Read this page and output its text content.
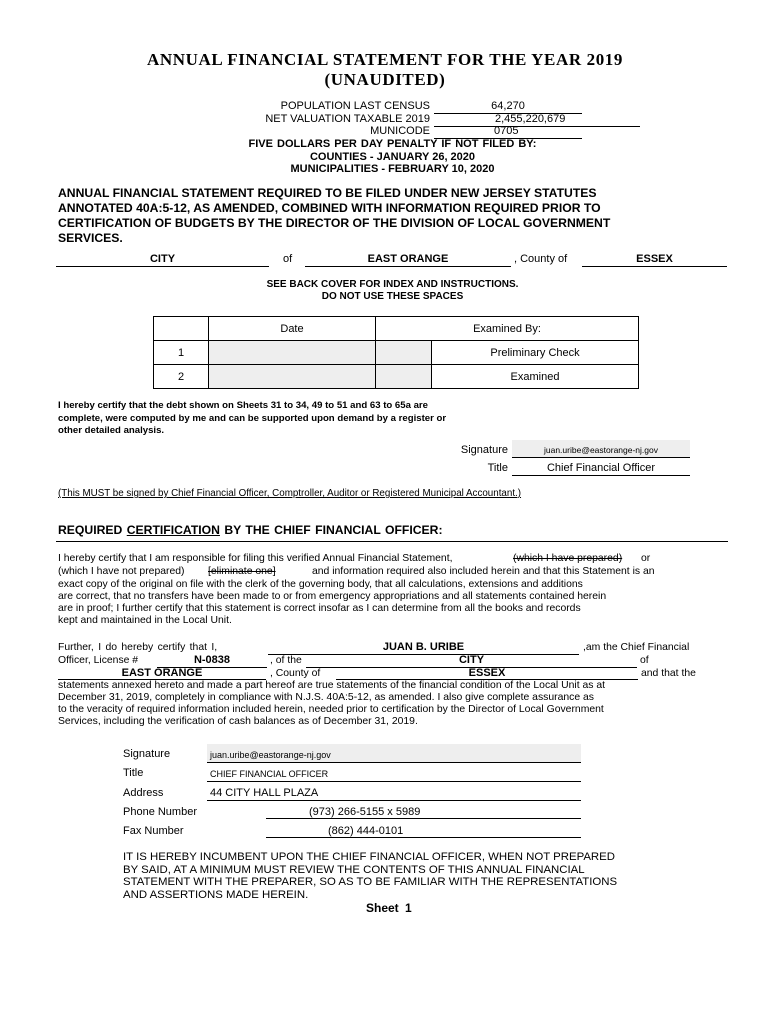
ANNUAL FINANCIAL STATEMENT FOR THE YEAR 2019
(UNAUDITED)
POPULATION LAST CENSUS	64,270
NET VALUATION TAXABLE 2019	2,455,220,679
MUNICODE	0705
FIVE DOLLARS PER DAY PENALTY IF NOT FILED BY:
COUNTIES - JANUARY 26, 2020
MUNICIPALITIES - FEBRUARY 10, 2020
ANNUAL FINANCIAL STATEMENT REQUIRED TO BE FILED UNDER NEW JERSEY STATUTES
ANNOTATED 40A:5-12, AS AMENDED, COMBINED WITH INFORMATION REQUIRED PRIOR TO
CERTIFICATION OF BUDGETS BY THE DIRECTOR OF THE DIVISION OF LOCAL GOVERNMENT
SERVICES.
CITY	of	EAST ORANGE	, County of	ESSEX
SEE BACK COVER FOR INDEX AND INSTRUCTIONS.
DO NOT USE THESE SPACES
	Date	Examined By:	
1			Preliminary Check
2			Examined
I hereby certify that the debt shown on Sheets 31 to 34, 49 to 51 and 63 to 65a are
complete, were computed by me and can be supported upon demand by a register or
other detailed analysis.
Signature	juan.uribe@eastorange-nj.gov
Title	Chief Financial Officer
(This MUST be signed by Chief Financial Officer, Comptroller, Auditor or Registered Municipal Accountant.)
REQUIRED CERTIFICATION BY THE CHIEF FINANCIAL OFFICER:
I hereby certify that I am responsible for filing this verified Annual Financial Statement,	(which I have prepared) or
(which I have not prepared) [eliminate one]	and information required also included herein and that this Statement is an
exact copy of the original on file with the clerk of the governing body, that all calculations, extensions and additions
are correct, that no transfers have been made to or from emergency appropriations and all statements contained herein
are in proof; I further certify that this statement is correct insofar as I can determine from all the books and records
kept and maintained in the Local Unit.
Further, I do hereby certify that I,	JUAN B. URIBE	,am the Chief Financial
Officer, License #	N-0838	, of the	CITY	of
EAST ORANGE	, County of	ESSEX	and that the
statements annexed hereto and made a part hereof are true statements of the financial condition of the Local Unit as at
December 31, 2019, completely in compliance with N.J.S. 40A:5-12, as amended. I also give complete assurance as
to the veracity of required information included herein, needed prior to certification by the Director of Local Government
Services, including the verification of cash balances as of December 31, 2019.
Signature	juan.uribe@eastorange-nj.gov
Title	CHIEF FINANCIAL OFFICER
Address	44 CITY HALL PLAZA
Phone Number	(973) 266-5155 x 5989
Fax Number	(862) 444-0101
IT IS HEREBY INCUMBENT UPON THE CHIEF FINANCIAL OFFICER, WHEN NOT PREPARED
BY SAID, AT A MINIMUM MUST REVIEW THE CONTENTS OF THIS ANNUAL FINANCIAL
STATEMENT WITH THE PREPARER, SO AS TO BE FAMILIAR WITH THE REPRESENTATIONS
AND ASSERTIONS MADE HEREIN.
Sheet 1
